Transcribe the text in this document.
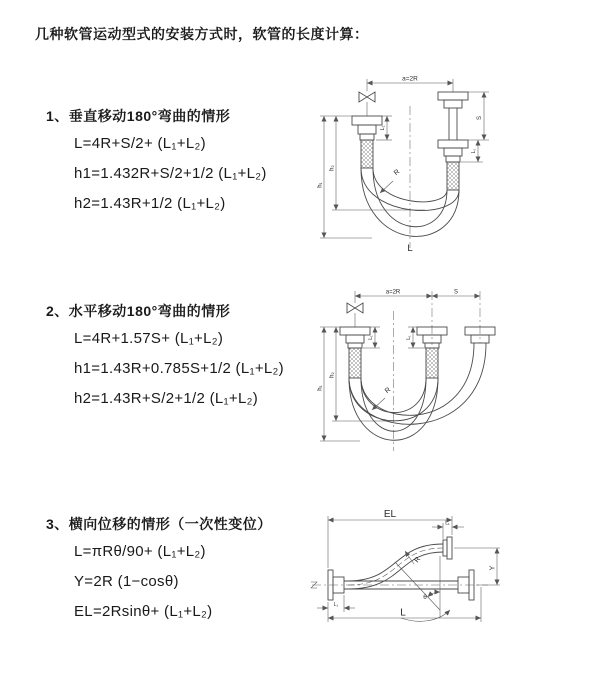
几种软管运动型式的安装方式时，软管的长度计算：
1、垂直移动180°弯曲的情形
L=4R+S/2+ (L₁+L₂)
h1=1.432R+S/2+1/2 (L₁+L₂)
h2=1.43R+1/2 (L₁+L₂)
2、水平移动180°弯曲的情形
L=4R+1.57S+ (L₁+L₂)
h1=1.43R+0.785S+1/2 (L₁+L₂)
h2=1.43R+S/2+1/2 (L₁+L₂)
3、横向位移的情形（一次性变位）
L=πRθ/90+ (L₁+L₂)
Y=2R (1−cosθ)
EL=2Rsinθ+ (L₁+L₂)
a=2R
L₁
h₁
h₂
S
L₁
R
L
a=2R	S
L₁	L₁
h₁
h₂
R
EL
L₁
Y
L
L₁
θ
R
